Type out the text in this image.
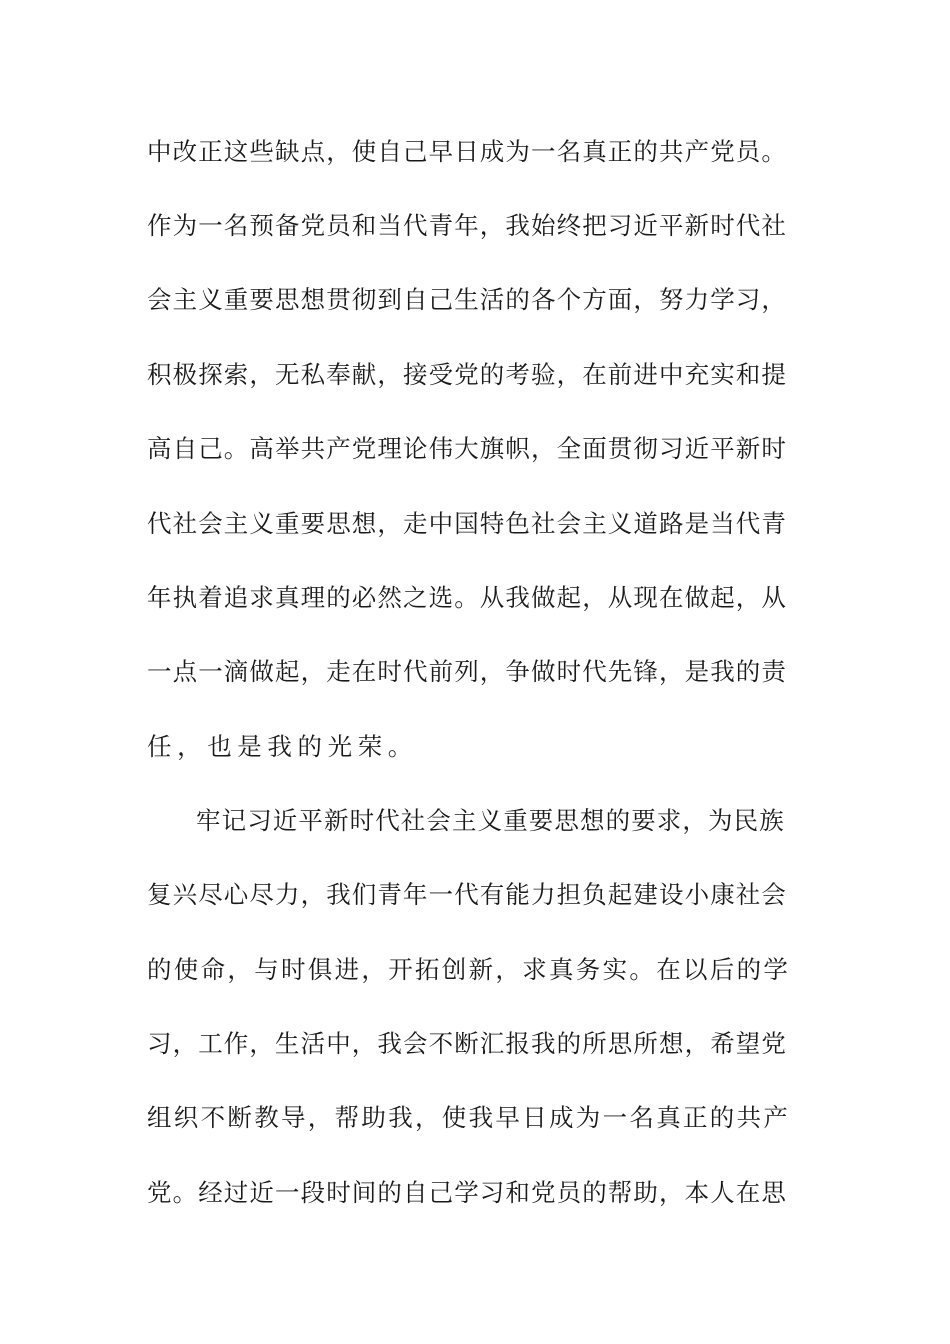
中改正这些缺点，使自己早日成为一名真正的共产党员。
作为一名预备党员和当代青年，我始终把习近平新时代社
会主义重要思想贯彻到自己生活的各个方面，努力学习，
积极探索，无私奉献，接受党的考验，在前进中充实和提
高自己。高举共产党理论伟大旗帜，全面贯彻习近平新时
代社会主义重要思想，走中国特色社会主义道路是当代青
年执着追求真理的必然之选。从我做起，从现在做起，从
一点一滴做起，走在时代前列，争做时代先锋，是我的责
任，也是我的光荣。
牢记习近平新时代社会主义重要思想的要求，为民族
复兴尽心尽力，我们青年一代有能力担负起建设小康社会
的使命，与时俱进，开拓创新，求真务实。在以后的学
习，工作，生活中，我会不断汇报我的所思所想，希望党
组织不断教导，帮助我，使我早日成为一名真正的共产
党。经过近一段时间的自己学习和党员的帮助，本人在思
